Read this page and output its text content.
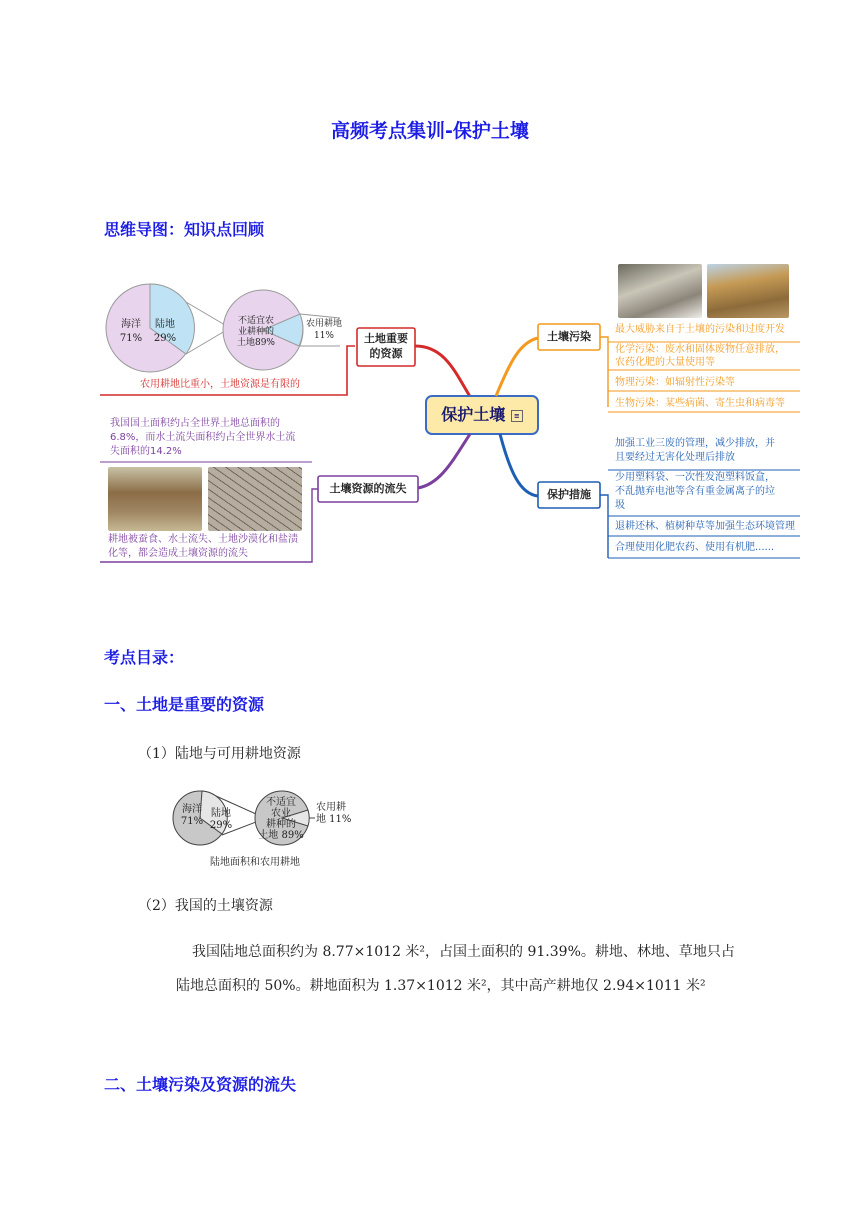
高频考点集训-保护土壤
思维导图：知识点回顾
海洋
71%
陆地
29%
不适宜农
业耕种的
土地89%
农用耕地
11%	土地重要
的资源
农用耕地比重小，土地资源是有限的
保护土壤 ≡
土壤污染
最大威胁来自于土壤的污染和过度开发
化学污染：废水和固体废物任意排放，
农药化肥的大量使用等
物理污染：如辐射性污染等
生物污染：某些病菌、寄生虫和病毒等
保护措施
加强工业三废的管理，减少排放，并
且要经过无害化处理后排放
少用塑料袋、一次性发泡塑料饭盒，
不乱抛弃电池等含有重金属离子的垃
圾
退耕还林、植树种草等加强生态环境管理
合理使用化肥农药、使用有机肥......
土壤资源的流失
我国国土面积约占全世界土地总面积的
6.8%，而水土流失面积约占全世界水土流
失面积的14.2%
耕地被蚕食、水土流失、土地沙漠化和盐渍
化等，都会造成土壤资源的流失
考点目录：
一、土地是重要的资源
（1）陆地与可用耕地资源
海洋
71%
陆地
29%
不适宜
农业
耕种的
土地 89%
农用耕
地 11%
陆地面积和农用耕地
（2）我国的土壤资源
我国陆地总面积约为 8.77×1012 米²，占国土面积的 91.39%。耕地、林地、草地只占
陆地总面积的 50%。耕地面积为 1.37×1012 米²，其中高产耕地仅 2.94×1011 米²
二、土壤污染及资源的流失
